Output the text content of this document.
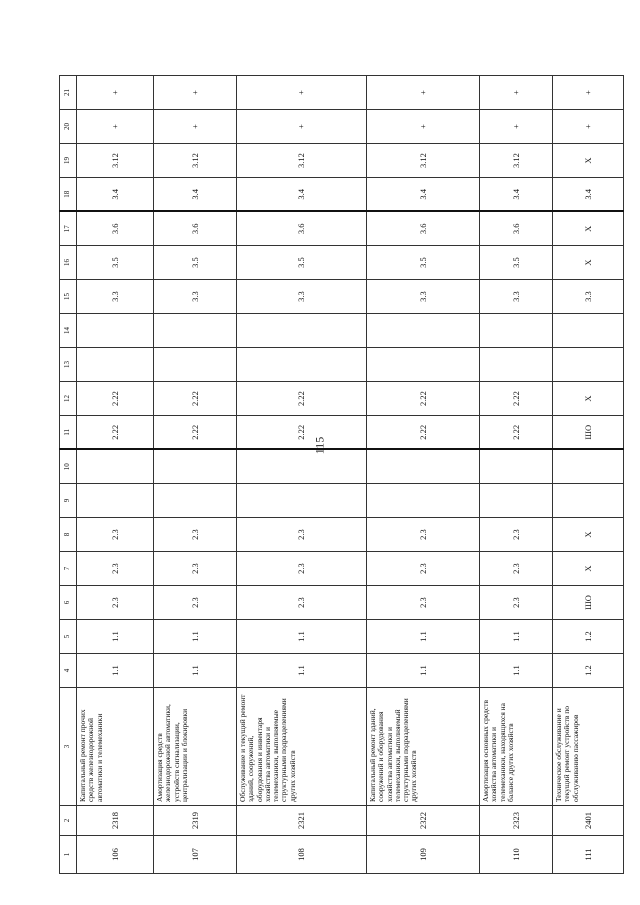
115
1	2	3	4	5	6	7	8	9	10	11	12	13	14	15	16	17	18	19	20	21
106	2318	Капитальный ремонт прочих средств железнодорожной автоматики и телемеханики	1.1	1.1	2.3	2.3	2.3			2.22	2.22			3.3	3.5	3.6	3.4	3.12	+	+
107	2319	Амортизация средств железнодорожной автоматики, устройств сигнализации, централизации и блокировки	1.1	1.1	2.3	2.3	2.3			2.22	2.22			3.3	3.5	3.6	3.4	3.12	+	+
108	2321	Обслуживание и текущий ремонт зданий, сооружений, оборудования и инвентаря хозяйства автоматики и телемеханики, выполняемые структурными подразделениями других хозяйств	1.1	1.1	2.3	2.3	2.3			2.22	2.22			3.3	3.5	3.6	3.4	3.12	+	+
109	2322	Капитальный ремонт зданий, сооружений и оборудования хозяйства автоматики и телемеханики, выполняемый структурными подразделениями других хозяйств	1.1	1.1	2.3	2.3	2.3			2.22	2.22			3.3	3.5	3.6	3.4	3.12	+	+
110	2323	Амортизация основных средств хозяйства автоматики и телемеханики, находящихся на балансе других хозяйств	1.1	1.1	2.3	2.3	2.3			2.22	2.22			3.3	3.5	3.6	3.4	3.12	+	+
111	2401	Техническое обслуживание и текущий ремонт устройств по обслуживанию пассажиров	1.2	1.2	ШО	X	X			ШО	X			3.3	X	X	3.4	X	+	+
